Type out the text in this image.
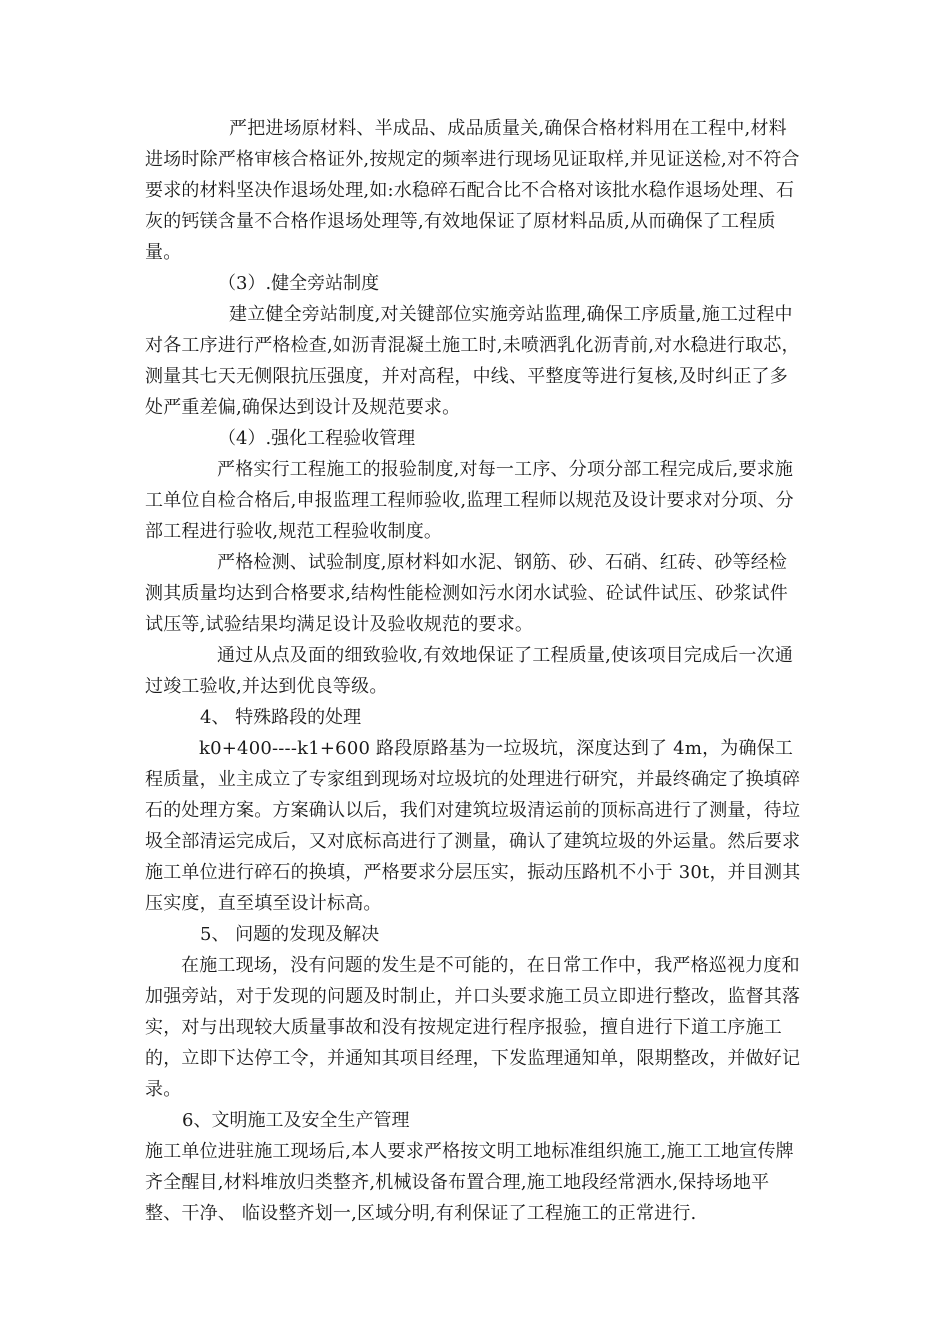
严把进场原材料、半成品、成品质量关,确保合格材料用在工程中,材料进场时除严格审核合格证外,按规定的频率进行现场见证取样,并见证送检,对不符合要求的材料坚决作退场处理,如:水稳碎石配合比不合格对该批水稳作退场处理、石灰的钙镁含量不合格作退场处理等,有效地保证了原材料品质,从而确保了工程质量。

（3）.健全旁站制度

建立健全旁站制度,对关键部位实施旁站监理,确保工序质量,施工过程中对各工序进行严格检查,如沥青混凝土施工时,未喷洒乳化沥青前,对水稳进行取芯，测量其七天无侧限抗压强度，并对高程，中线、平整度等进行复核,及时纠正了多处严重差偏,确保达到设计及规范要求。

（4）.强化工程验收管理

严格实行工程施工的报验制度,对每一工序、分项分部工程完成后,要求施工单位自检合格后,申报监理工程师验收,监理工程师以规范及设计要求对分项、分部工程进行验收,规范工程验收制度。

严格检测、试验制度,原材料如水泥、钢筋、砂、石硝、红砖、砂等经检测其质量均达到合格要求,结构性能检测如污水闭水试验、砼试件试压、砂浆试件试压等,试验结果均满足设计及验收规范的要求。

通过从点及面的细致验收,有效地保证了工程质量,使该项目完成后一次通过竣工验收,并达到优良等级。

4、 特殊路段的处理

k0+400----k1+600 路段原路基为一垃圾坑，深度达到了 4m，为确保工程质量，业主成立了专家组到现场对垃圾坑的处理进行研究，并最终确定了换填碎石的处理方案。方案确认以后，我们对建筑垃圾清运前的顶标高进行了测量，待垃圾全部清运完成后，又对底标高进行了测量，确认了建筑垃圾的外运量。然后要求施工单位进行碎石的换填，严格要求分层压实，振动压路机不小于 30t，并目测其压实度，直至填至设计标高。

5、 问题的发现及解决

在施工现场，没有问题的发生是不可能的，在日常工作中，我严格巡视力度和加强旁站，对于发现的问题及时制止，并口头要求施工员立即进行整改，监督其落实，对与出现较大质量事故和没有按规定进行程序报验，擅自进行下道工序施工的，立即下达停工令，并通知其项目经理，下发监理通知单，限期整改，并做好记录。

6、文明施工及安全生产管理

施工单位进驻施工现场后,本人要求严格按文明工地标准组织施工,施工工地宣传牌齐全醒目,材料堆放归类整齐,机械设备布置合理,施工地段经常洒水,保持场地平整、干净、 临设整齐划一,区域分明,有利保证了工程施工的正常进行.
